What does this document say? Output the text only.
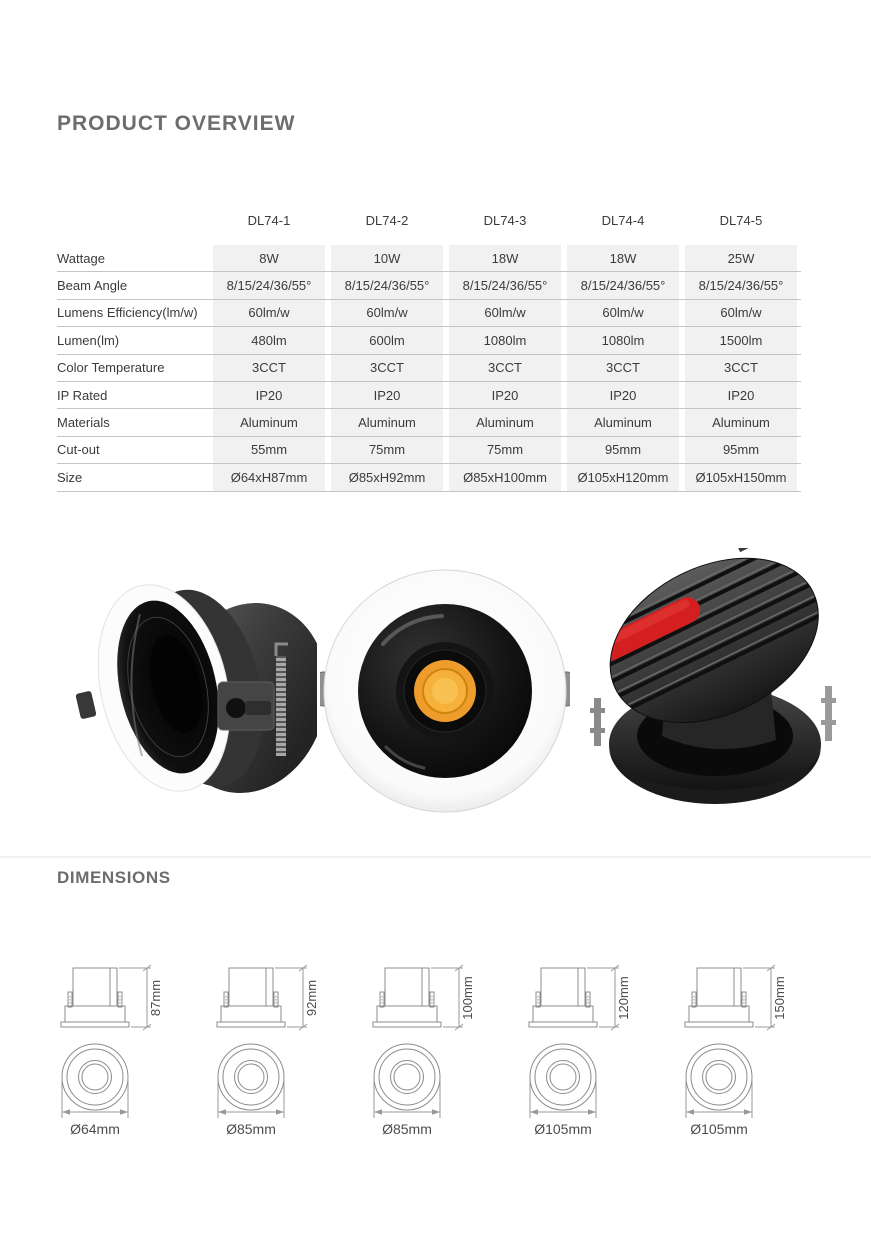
PRODUCT OVERVIEW
DL74-1	DL74-2	DL74-3	DL74-4	DL74-5
Wattage	8W	10W	18W	18W	25W
Beam Angle	8/15/24/36/55°	8/15/24/36/55°	8/15/24/36/55°	8/15/24/36/55°	8/15/24/36/55°
Lumens Efficiency(lm/w)	60lm/w	60lm/w	60lm/w	60lm/w	60lm/w
Lumen(lm)	480lm	600lm	1080lm	1080lm	1500lm
Color Temperature	3CCT	3CCT	3CCT	3CCT	3CCT
IP Rated	IP20	IP20	IP20	IP20	IP20
Materials	Aluminum	Aluminum	Aluminum	Aluminum	Aluminum
Cut-out	55mm	75mm	75mm	95mm	95mm
Size	Ø64xH87mm	Ø85xH92mm	Ø85xH100mm	Ø105xH120mm	Ø105xH150mm
DIMENSIONS
87mm
Ø64mm
92mm
Ø85mm
100mm
Ø85mm
120mm
Ø105mm
150mm
Ø105mm
